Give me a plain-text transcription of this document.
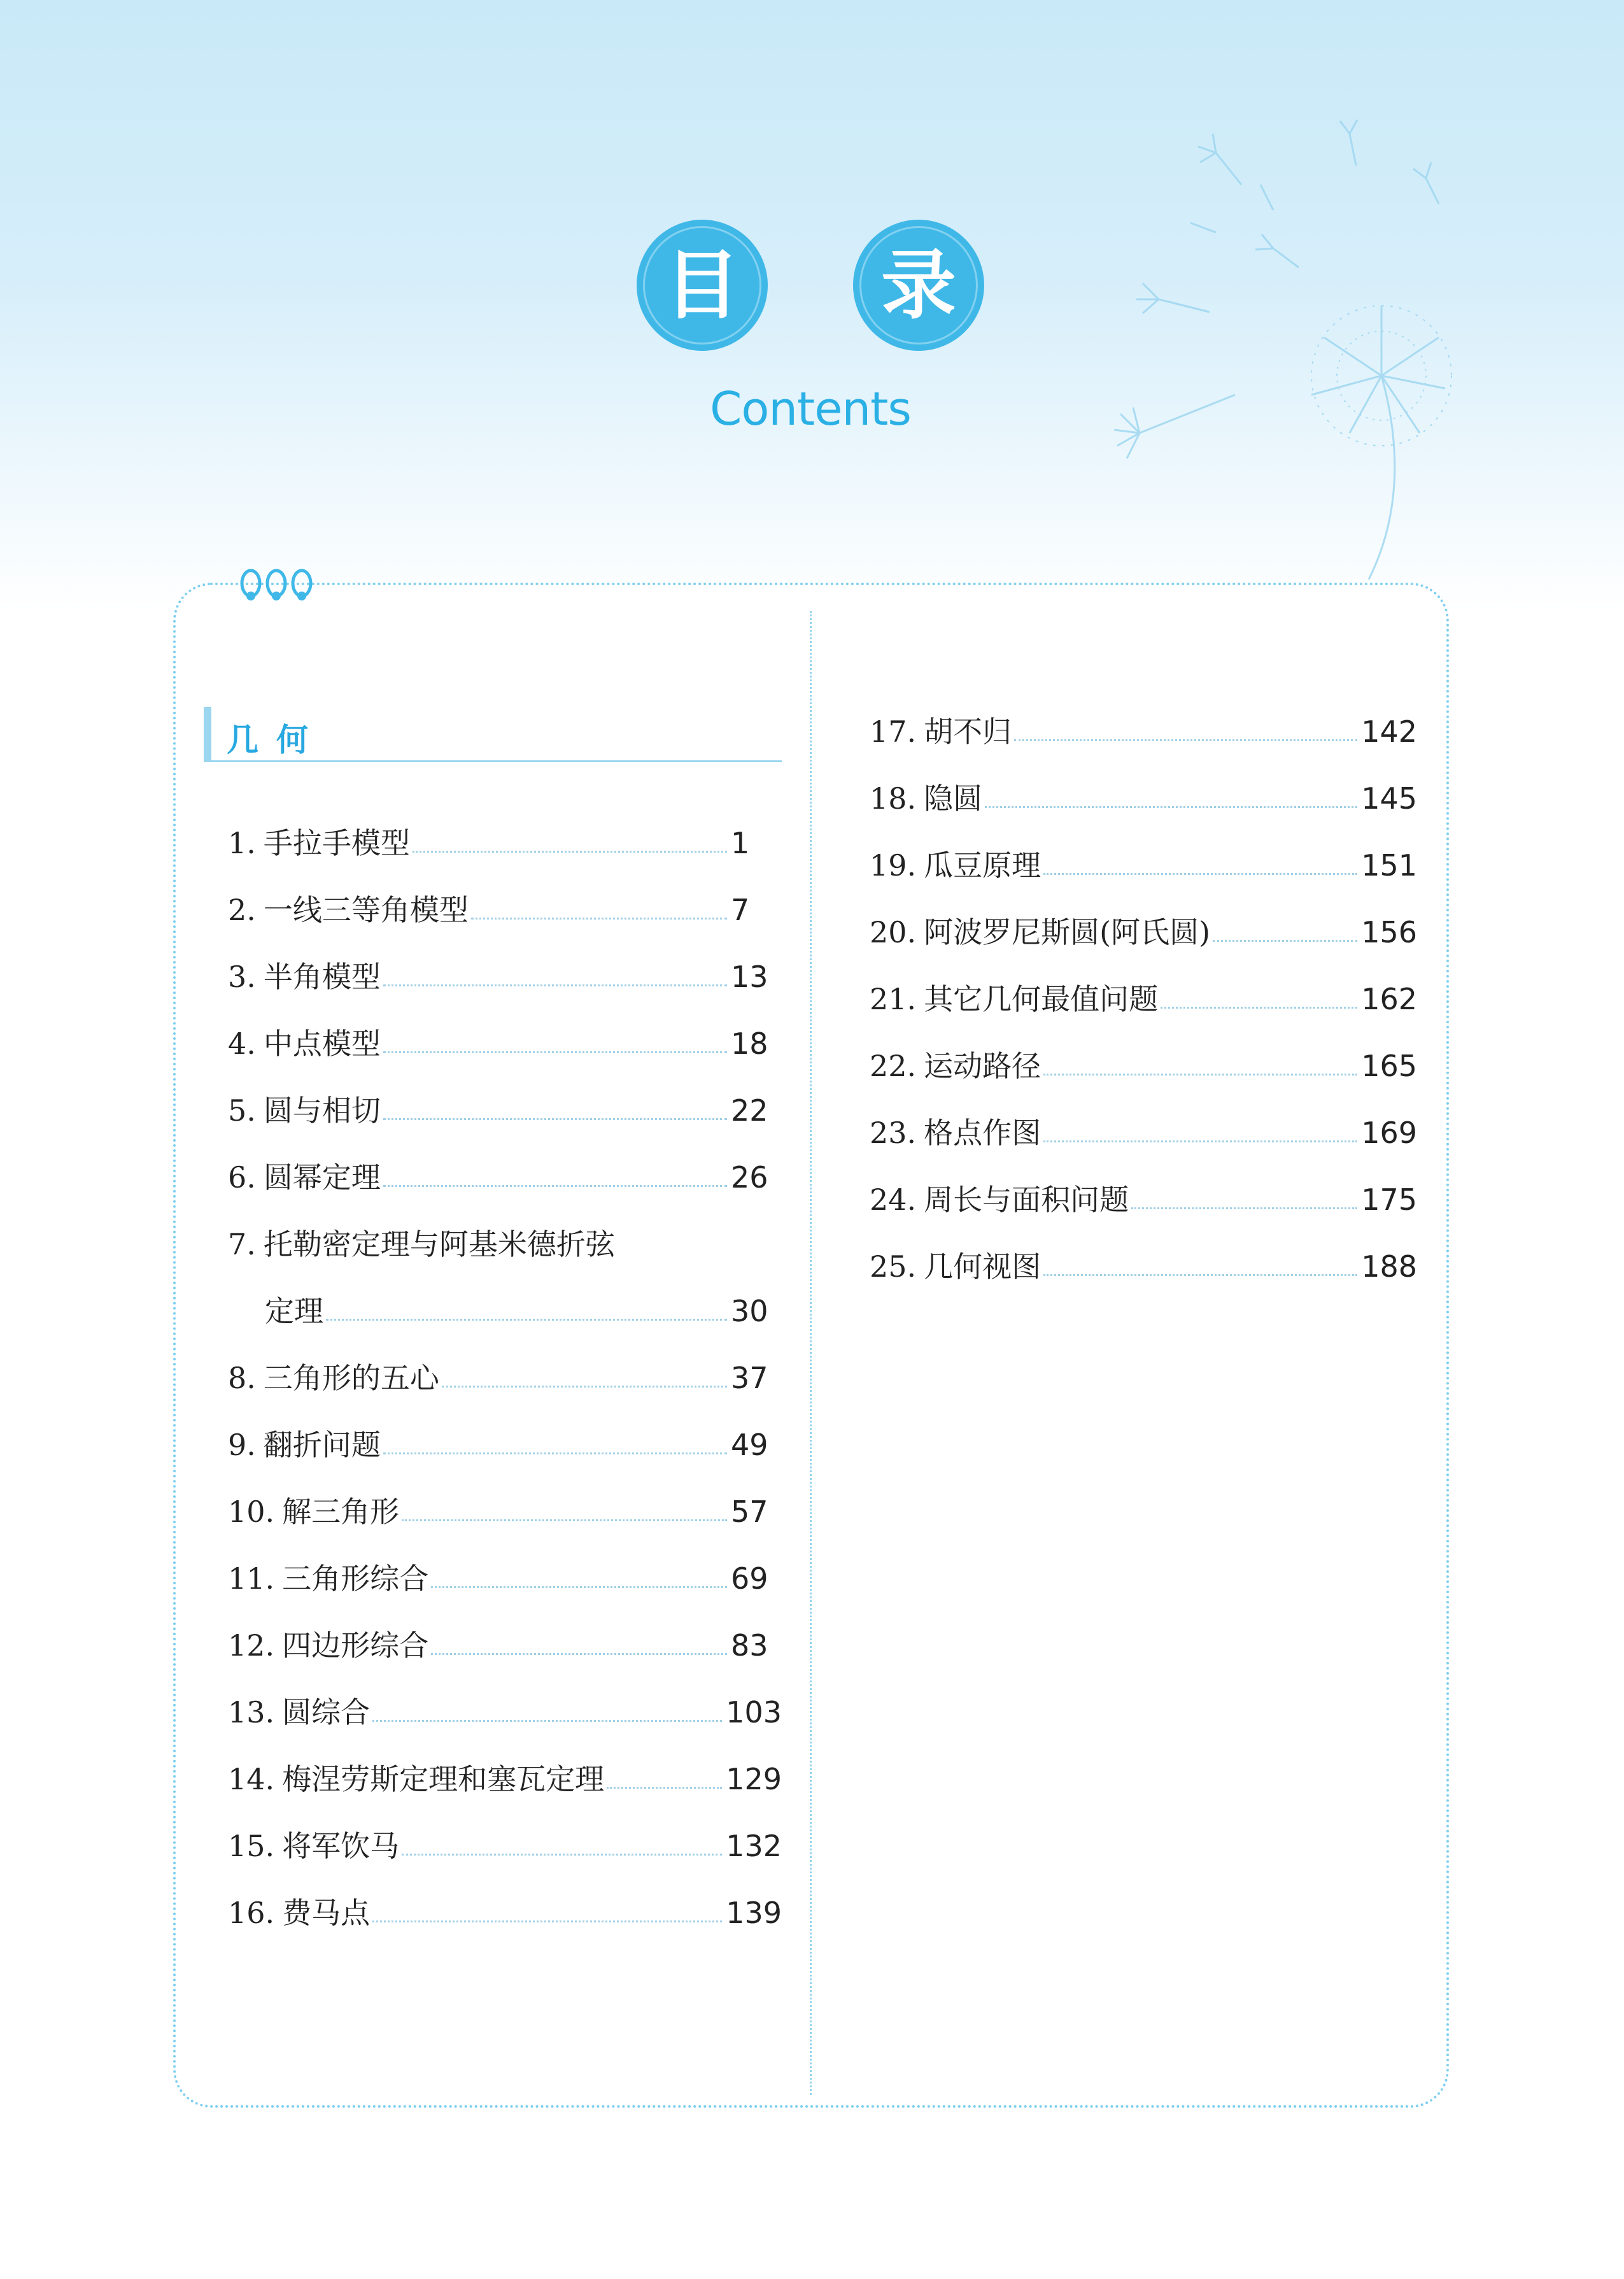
目 录
Contents
几何
1. 手拉手模型	1
2. 一线三等角模型	7
3. 半角模型	13
4. 中点模型	18
5. 圆与相切	22
6. 圆幂定理	26
7. 托勒密定理与阿基米德折弦
定理	30
8. 三角形的五心	37
9. 翻折问题	49
10. 解三角形	57
11. 三角形综合	69
12. 四边形综合	83
13. 圆综合	103
14. 梅涅劳斯定理和塞瓦定理	129
15. 将军饮马	132
16. 费马点	139
17. 胡不归	142
18. 隐圆	145
19. 瓜豆原理	151
20. 阿波罗尼斯圆(阿氏圆)	156
21. 其它几何最值问题	162
22. 运动路径	165
23. 格点作图	169
24. 周长与面积问题	175
25. 几何视图	188
